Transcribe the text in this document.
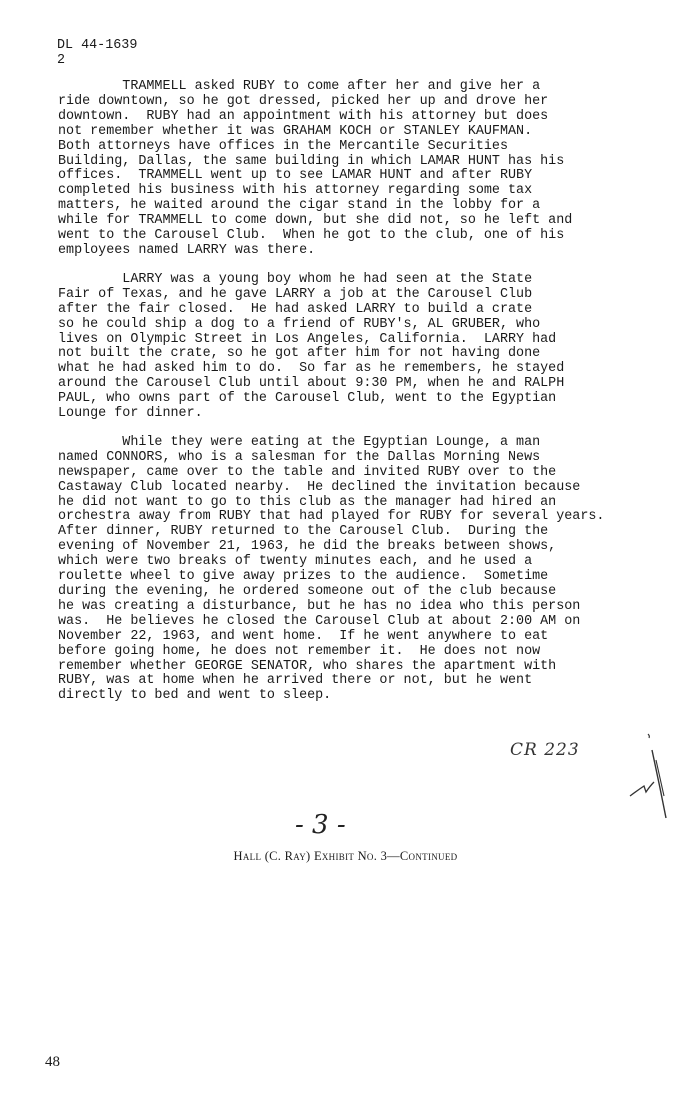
DL 44-1639
2

TRAMMELL asked RUBY to come after her and give her a
ride downtown, so he got dressed, picked her up and drove her
downtown.  RUBY had an appointment with his attorney but does
not remember whether it was GRAHAM KOCH or STANLEY KAUFMAN.
Both attorneys have offices in the Mercantile Securities
Building, Dallas, the same building in which LAMAR HUNT has his
offices.  TRAMMELL went up to see LAMAR HUNT and after RUBY
completed his business with his attorney regarding some tax
matters, he waited around the cigar stand in the lobby for a
while for TRAMMELL to come down, but she did not, so he left and
went to the Carousel Club.  When he got to the club, one of his
employees named LARRY was there.

LARRY was a young boy whom he had seen at the State
Fair of Texas, and he gave LARRY a job at the Carousel Club
after the fair closed.  He had asked LARRY to build a crate
so he could ship a dog to a friend of RUBY's, AL GRUBER, who
lives on Olympic Street in Los Angeles, California.  LARRY had
not built the crate, so he got after him for not having done
what he had asked him to do.  So far as he remembers, he stayed
around the Carousel Club until about 9:30 PM, when he and RALPH
PAUL, who owns part of the Carousel Club, went to the Egyptian
Lounge for dinner.

While they were eating at the Egyptian Lounge, a man
named CONNORS, who is a salesman for the Dallas Morning News
newspaper, came over to the table and invited RUBY over to the
Castaway Club located nearby.  He declined the invitation because
he did not want to go to this club as the manager had hired an
orchestra away from RUBY that had played for RUBY for several years.
After dinner, RUBY returned to the Carousel Club.  During the
evening of November 21, 1963, he did the breaks between shows,
which were two breaks of twenty minutes each, and he used a
roulette wheel to give away prizes to the audience.  Sometime
during the evening, he ordered someone out of the club because
he was creating a disturbance, but he has no idea who this person
was.  He believes he closed the Carousel Club at about 2:00 AM on
November 22, 1963, and went home.  If he went anywhere to eat
before going home, he does not remember it.  He does not now
remember whether GEORGE SENATOR, who shares the apartment with
RUBY, was at home when he arrived there or not, but he went
directly to bed and went to sleep.

CR 223
- 3 -
Hall (C. Ray) Exhibit No. 3—Continued
48
